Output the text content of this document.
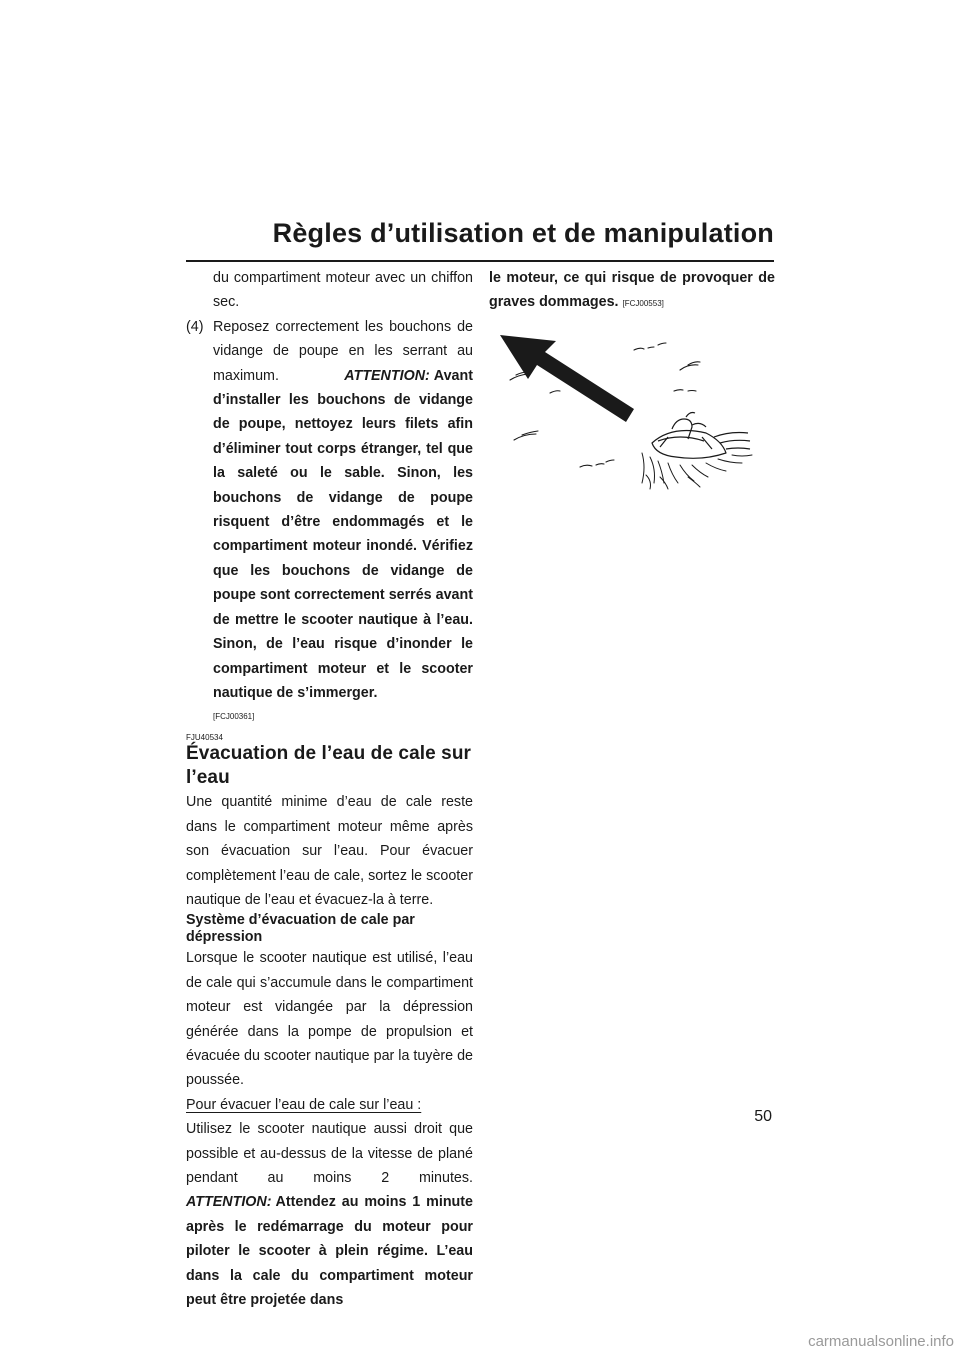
Règles d’utilisation et de manipulation

du compartiment moteur avec un chiffon sec.

(4) Reposez correctement les bouchons de vidange de poupe en les serrant au maximum.	ATTENTION: Avant d’installer les bouchons de vidange de poupe, nettoyez leurs filets afin d’éliminer tout corps étranger, tel que la saleté ou le sable. Sinon, les bouchons de vidange de poupe risquent d’être endommagés et le compartiment moteur inondé. Vérifiez que les bouchons de vidange de poupe sont correctement serrés avant de mettre le scooter nautique à l’eau. Sinon, de l’eau risque d’inonder le compartiment moteur et le scooter nautique de s’immerger.

[FCJ00361]
FJU40534
Évacuation de l’eau de cale sur l’eau

Une quantité minime d’eau de cale reste dans le compartiment moteur même après son évacuation sur l’eau. Pour évacuer complètement l’eau de cale, sortez le scooter nautique de l’eau et évacuez-la à terre.

Système d’évacuation de cale par dépression

Lorsque le scooter nautique est utilisé, l’eau de cale qui s’accumule dans le compartiment moteur est vidangée par la dépression générée dans la pompe de propulsion et évacuée du scooter nautique par la tuyère de poussée.

Pour évacuer l’eau de cale sur l’eau :

Utilisez le scooter nautique aussi droit que possible et au-dessus de la vitesse de plané pendant au moins 2 minutes. ATTENTION: Attendez au moins 1 minute après le redémarrage du moteur pour piloter le scooter à plein régime. L’eau dans la cale du compartiment moteur peut être projetée dans

le moteur, ce qui risque de provoquer de graves dommages. [FCJ00553]

50
carmanualsonline.info
